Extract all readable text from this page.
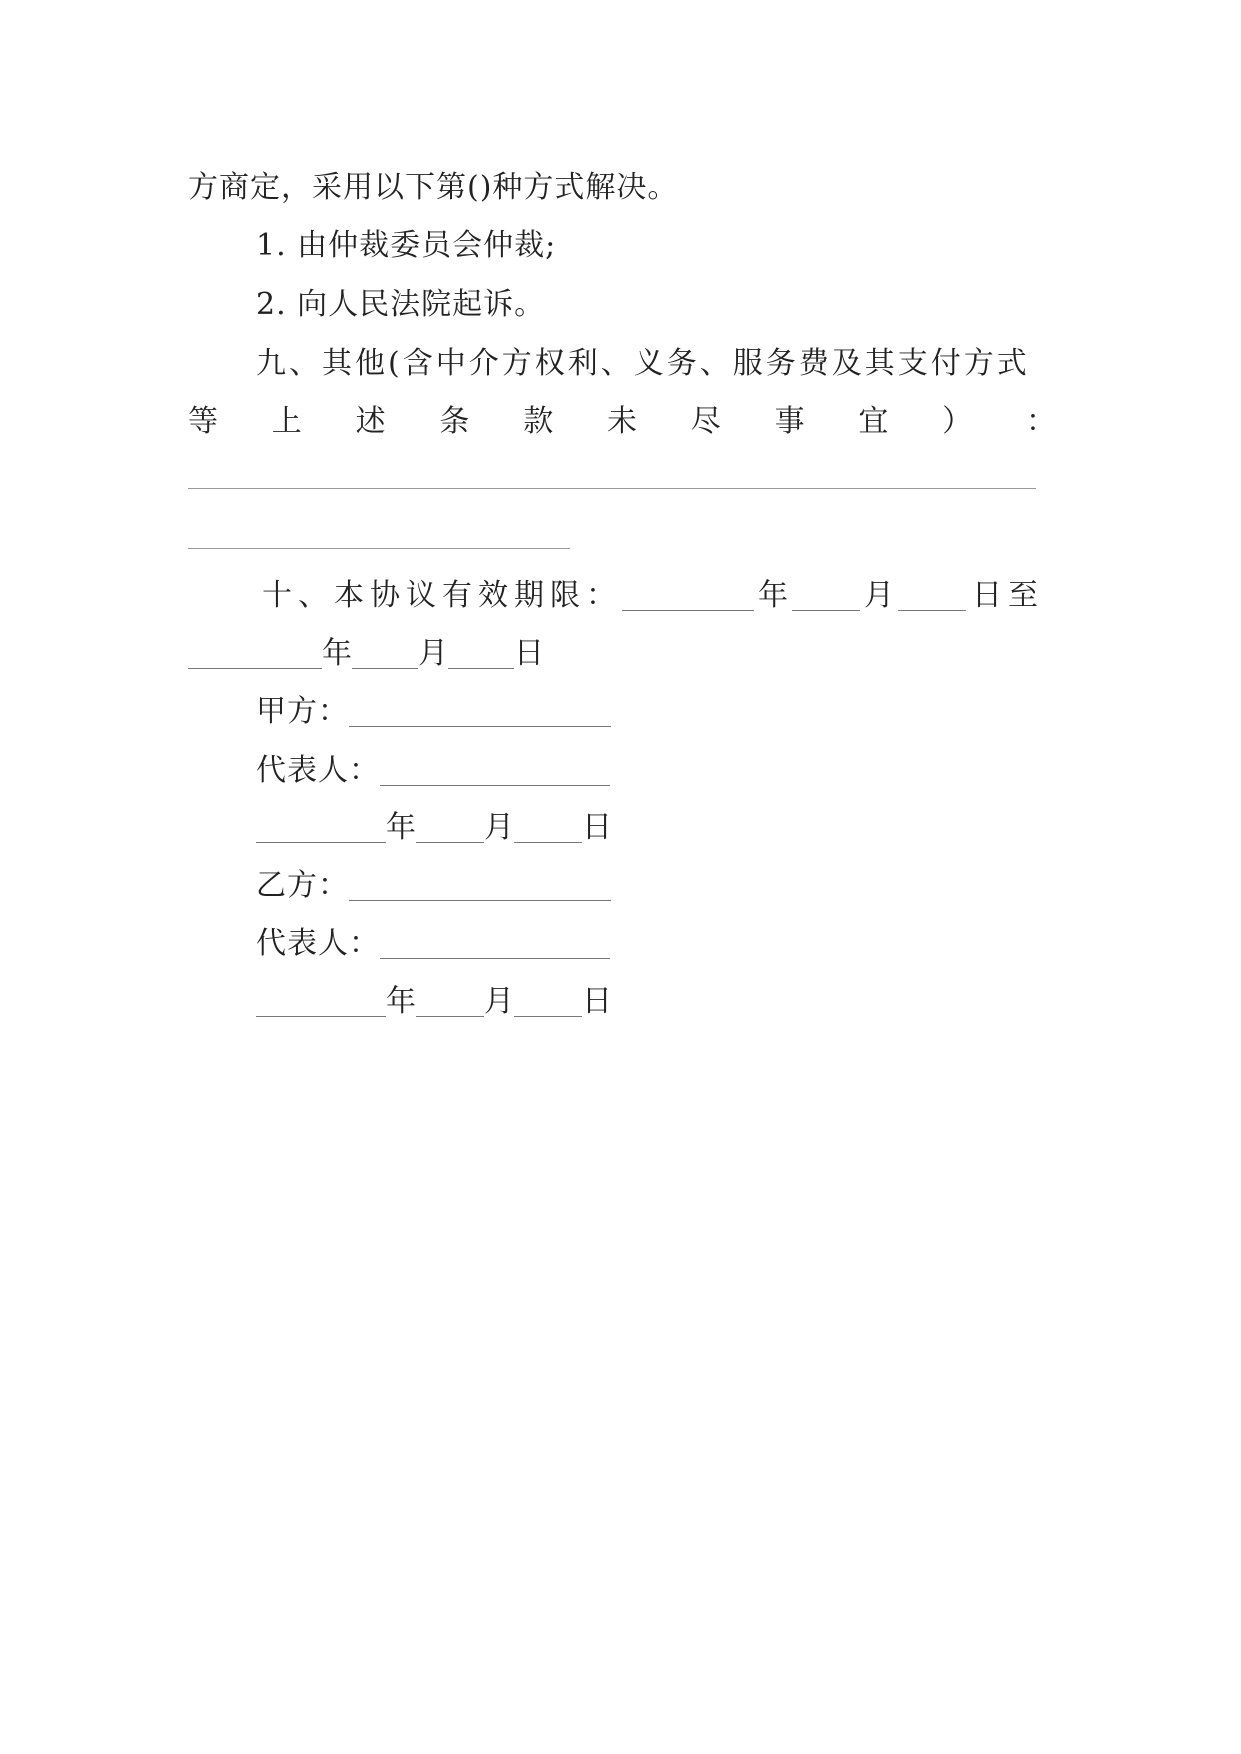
方商定，采用以下第()种方式解决。
1. 由仲裁委员会仲裁;
2. 向人民法院起诉。
九、其他(含中介方权利、义务、服务费及其支付方式
等 上 述 条 款 未 尽 事 宜 ） ：
十、本协议有效期限：	年	月	日至
年 月 日
甲方：
代表人：
年 月 日
乙方：
代表人：
年 月 日
